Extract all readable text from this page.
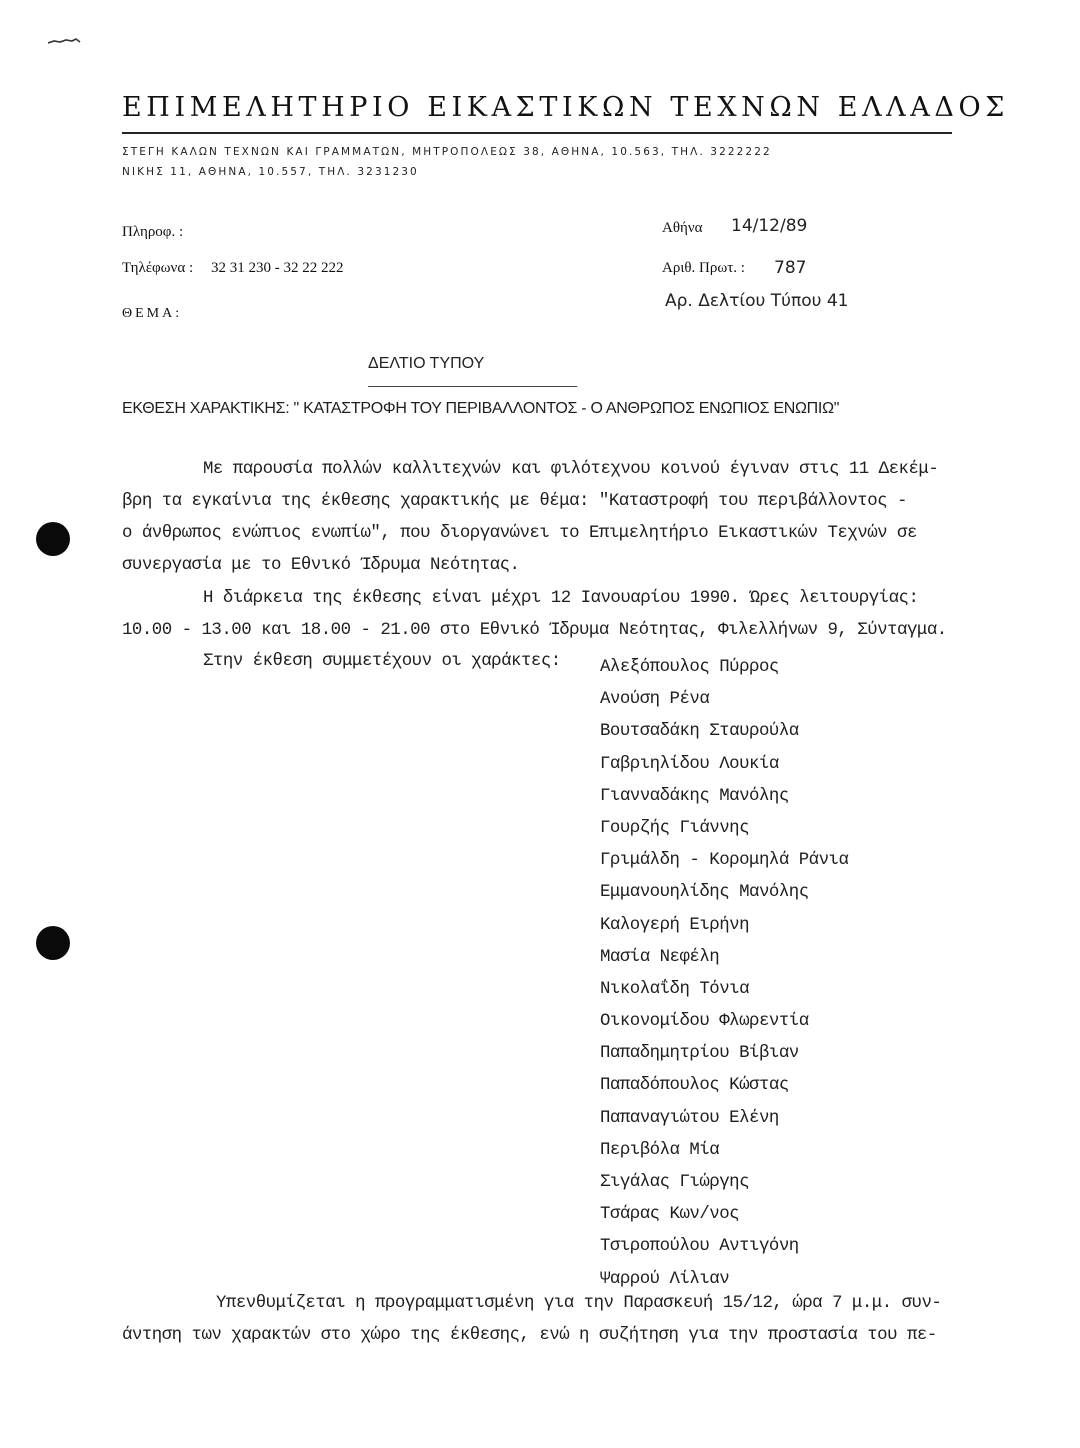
ΕΠΙΜΕΛΗΤΗΡΙΟ ΕΙΚΑΣΤΙΚΩΝ ΤΕΧΝΩΝ ΕΛΛΑΔΟΣ
ΣΤΕΓΗ ΚΑΛΩΝ ΤΕΧΝΩΝ ΚΑΙ ΓΡΑΜΜΑΤΩΝ, ΜΗΤΡΟΠΟΛΕΩΣ 38, ΑΘΗΝΑ, 10.563, ΤΗΛ. 3222222
ΝΙΚΗΣ 11, ΑΘΗΝΑ, 10.557, ΤΗΛ. 3231230
Πληροφ. :
Τηλέφωνα : 32 31 230 - 32 22 222
ΘΕΜΑ:
Αθήνα 14/12/89
Αριθ. Πρωτ. : 787
Αρ. Δελτίου Τύπου 41
ΔΕΛΤΙΟ ΤΥΠΟΥ
_____________________
ΕΚΘΕΣΗ ΧΑΡΑΚΤΙΚΗΣ: " ΚΑΤΑΣΤΡΟΦΗ ΤΟΥ ΠΕΡΙΒΑΛΛΟΝΤΟΣ - Ο ΑΝΘΡΩΠΟΣ ΕΝΩΠΙΟΣ ΕΝΩΠΙΩ"
Με παρουσία πολλών καλλιτεχνών και φιλότεχνου κοινού έγιναν στις 11 Δεκέμ-
βρη τα εγκαίνια της έκθεσης χαρακτικής με θέμα: "Καταστροφή του περιβάλλοντος -
ο άνθρωπος ενώπιος ενωπίω", που διοργανώνει το Επιμελητήριο Εικαστικών Τεχνών σε
συνεργασία με το Εθνικό Ίδρυμα Νεότητας.
Η διάρκεια της έκθεσης είναι μέχρι 12 Ιανουαρίου 1990. Ώρες λειτουργίας:
10.00 - 13.00 και 18.00 - 21.00 στο Εθνικό Ίδρυμα Νεότητας, Φιλελλήνων 9, Σύνταγμα.
Στην έκθεση συμμετέχουν οι χαράκτες: Αλεξόπουλος Πύρρος
Ανούση Ρένα
Βουτσαδάκη Σταυρούλα
Γαβριηλίδου Λουκία
Γιανναδάκης Μανόλης
Γουρζής Γιάννης
Γριμάλδη - Κορομηλά Ράνια
Εμμανουηλίδης Μανόλης
Καλογερή Ειρήνη
Μασία Νεφέλη
Νικολαΐδη Τόνια
Οικονομίδου Φλωρεντία
Παπαδημητρίου Βίβιαν
Παπαδόπουλος Κώστας
Παπαναγιώτου Ελένη
Περιβόλα Μία
Σιγάλας Γιώργης
Τσάρας Κων/νος
Τσιροπούλου Αντιγόνη
Ψαρρού Λίλιαν
Υπενθυμίζεται η προγραμματισμένη για την Παρασκευή 15/12, ώρα 7 μ.μ. συν-
άντηση των χαρακτών στο χώρο της έκθεσης, ενώ η συζήτηση για την προστασία του πε-
